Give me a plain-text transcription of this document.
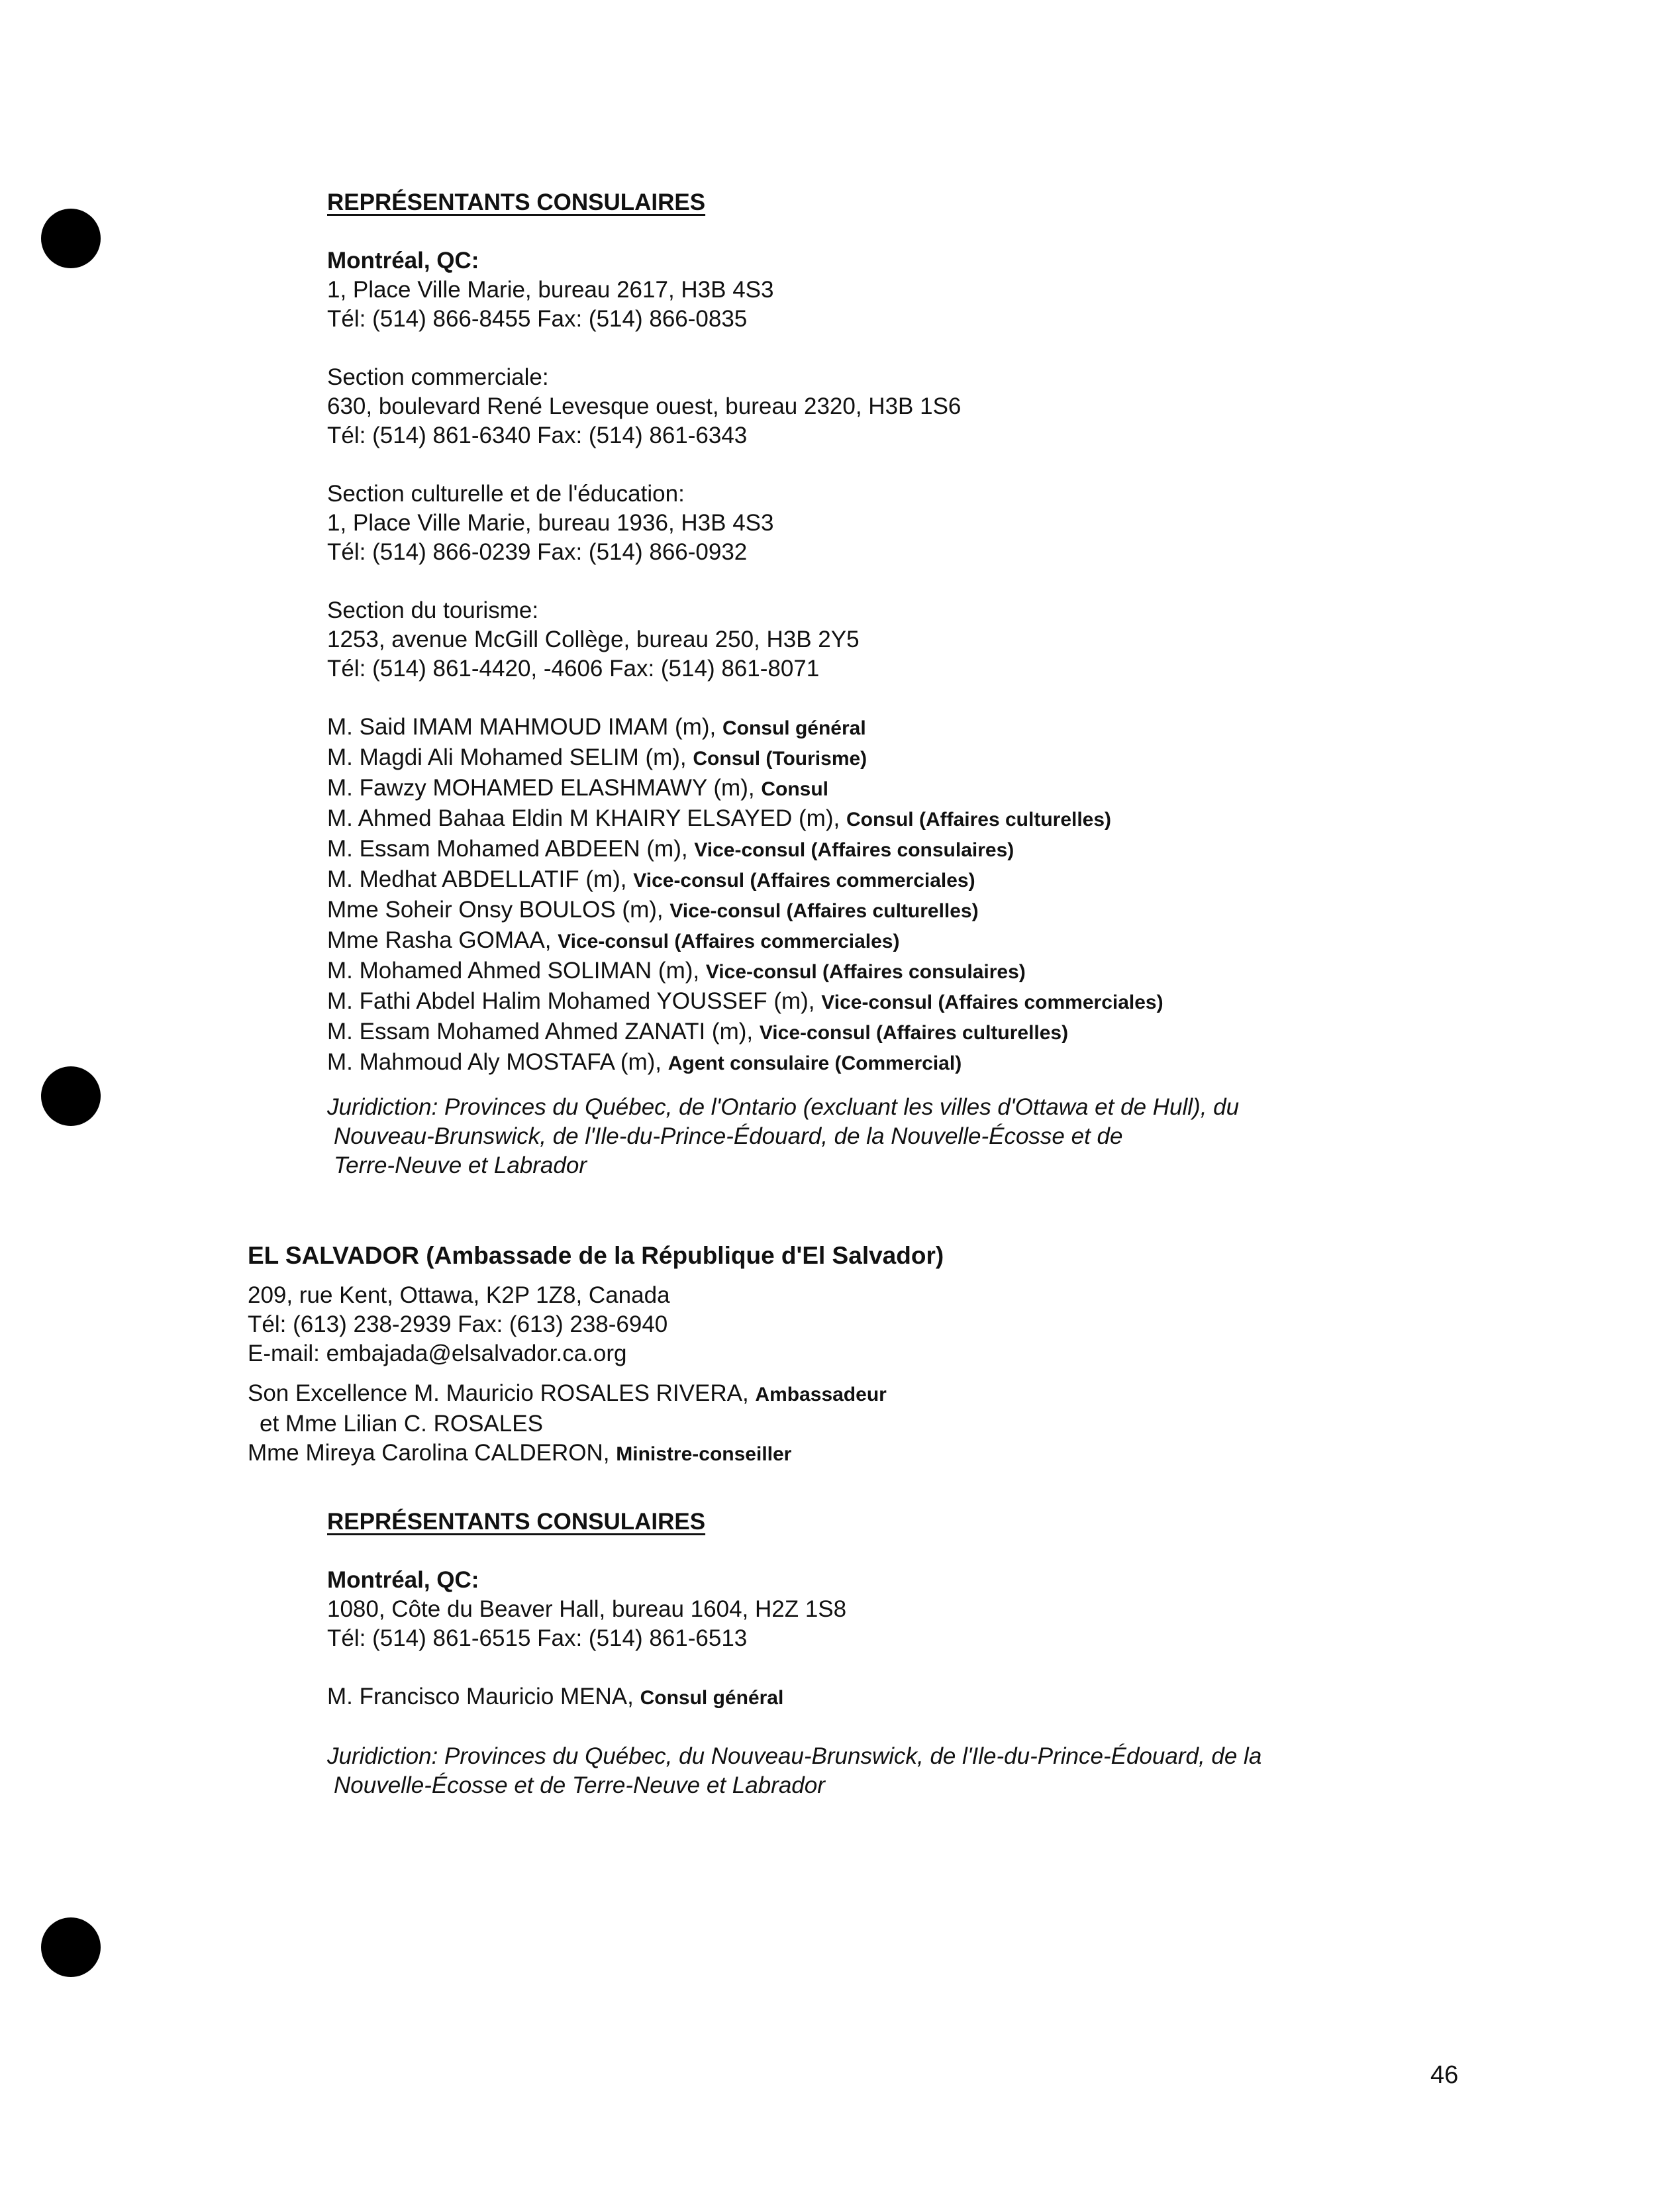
REPRÉSENTANTS CONSULAIRES

Montréal, QC:

1, Place Ville Marie, bureau 2617, H3B 4S3

Tél: (514) 866-8455 Fax: (514) 866-0835

Section commerciale:

630, boulevard René Levesque ouest, bureau 2320, H3B 1S6

Tél: (514) 861-6340 Fax: (514) 861-6343

Section culturelle et de l'éducation:

1, Place Ville Marie, bureau 1936, H3B 4S3

Tél: (514) 866-0239 Fax: (514) 866-0932

Section du tourisme:

1253, avenue McGill Collège, bureau 250, H3B 2Y5

Tél: (514) 861-4420, -4606 Fax: (514) 861-8071

M. Said IMAM MAHMOUD IMAM (m), Consul général

M. Magdi Ali Mohamed SELIM (m), Consul (Tourisme)

M. Fawzy MOHAMED ELASHMAWY (m), Consul

M. Ahmed Bahaa Eldin M KHAIRY ELSAYED (m), Consul (Affaires culturelles)

M. Essam Mohamed ABDEEN (m), Vice-consul (Affaires consulaires)

M. Medhat ABDELLATIF (m), Vice-consul (Affaires commerciales)

Mme Soheir Onsy BOULOS (m), Vice-consul (Affaires culturelles)

Mme Rasha GOMAA, Vice-consul (Affaires commerciales)

M. Mohamed Ahmed SOLIMAN (m), Vice-consul (Affaires consulaires)

M. Fathi Abdel Halim Mohamed YOUSSEF (m), Vice-consul (Affaires commerciales)

M. Essam Mohamed Ahmed ZANATI (m), Vice-consul (Affaires culturelles)

M. Mahmoud Aly MOSTAFA (m), Agent consulaire (Commercial)

Juridiction: Provinces du Québec, de l'Ontario (excluant les villes d'Ottawa et de Hull), du

Nouveau-Brunswick, de l'Ile-du-Prince-Édouard, de la Nouvelle-Écosse et de

Terre-Neuve et Labrador

EL SALVADOR (Ambassade de la République d'El Salvador)

209, rue Kent, Ottawa, K2P 1Z8, Canada

Tél: (613) 238-2939 Fax: (613) 238-6940

E-mail: embajada@elsalvador.ca.org

Son Excellence M. Mauricio ROSALES RIVERA, Ambassadeur

et Mme Lilian C. ROSALES

Mme Mireya Carolina CALDERON, Ministre-conseiller

REPRÉSENTANTS CONSULAIRES

Montréal, QC:

1080, Côte du Beaver Hall, bureau 1604, H2Z 1S8

Tél: (514) 861-6515 Fax: (514) 861-6513

M. Francisco Mauricio MENA, Consul général

Juridiction: Provinces du Québec, du Nouveau-Brunswick, de l'Ile-du-Prince-Édouard, de la

Nouvelle-Écosse et de Terre-Neuve et Labrador

46
